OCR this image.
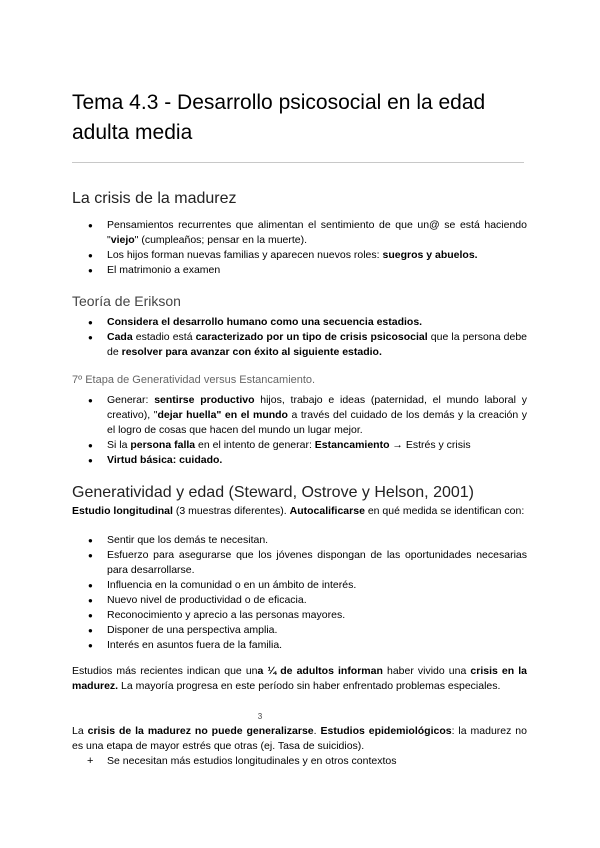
Tema 4.3 - Desarrollo psicosocial en la edad adulta media
La crisis de la madurez
● Pensamientos recurrentes que alimentan el sentimiento de que un@ se está haciendo "viejo" (cumpleaños; pensar en la muerte).
● Los hijos forman nuevas familias y aparecen nuevos roles: suegros y abuelos.
● El matrimonio a examen
Teoría de Erikson
● Considera el desarrollo humano como una secuencia estadios.
● Cada estadio está caracterizado por un tipo de crisis psicosocial que la persona debe de resolver para avanzar con éxito al siguiente estadio.
7º Etapa de Generatividad versus Estancamiento.
● Generar: sentirse productivo hijos, trabajo e ideas (paternidad, el mundo laboral y creativo), "dejar huella" en el mundo a través del cuidado de los demás y la creación y el logro de cosas que hacen del mundo un lugar mejor.
● Si la persona falla en el intento de generar: Estancamiento → Estrés y crisis
● Virtud básica: cuidado.
Generatividad y edad (Steward, Ostrove y Helson, 2001)
Estudio longitudinal (3 muestras diferentes). Autocalificarse en qué medida se identifican con:
● Sentir que los demás te necesitan.
● Esfuerzo para asegurarse que los jóvenes dispongan de las oportunidades necesarias para desarrollarse.
● Influencia en la comunidad o en un ámbito de interés.
● Nuevo nivel de productividad o de eficacia.
● Reconocimiento y aprecio a las personas mayores.
● Disponer de una perspectiva amplia.
● Interés en asuntos fuera de la familia.
Estudios más recientes indican que una ¼ de adultos informan haber vivido una crisis en la madurez. La mayoría progresa en este período sin haber enfrentado problemas especiales.
3
La crisis de la madurez no puede generalizarse. Estudios epidemiológicos: la madurez no es una etapa de mayor estrés que otras (ej. Tasa de suicidios).
+ Se necesitan más estudios longitudinales y en otros contextos
